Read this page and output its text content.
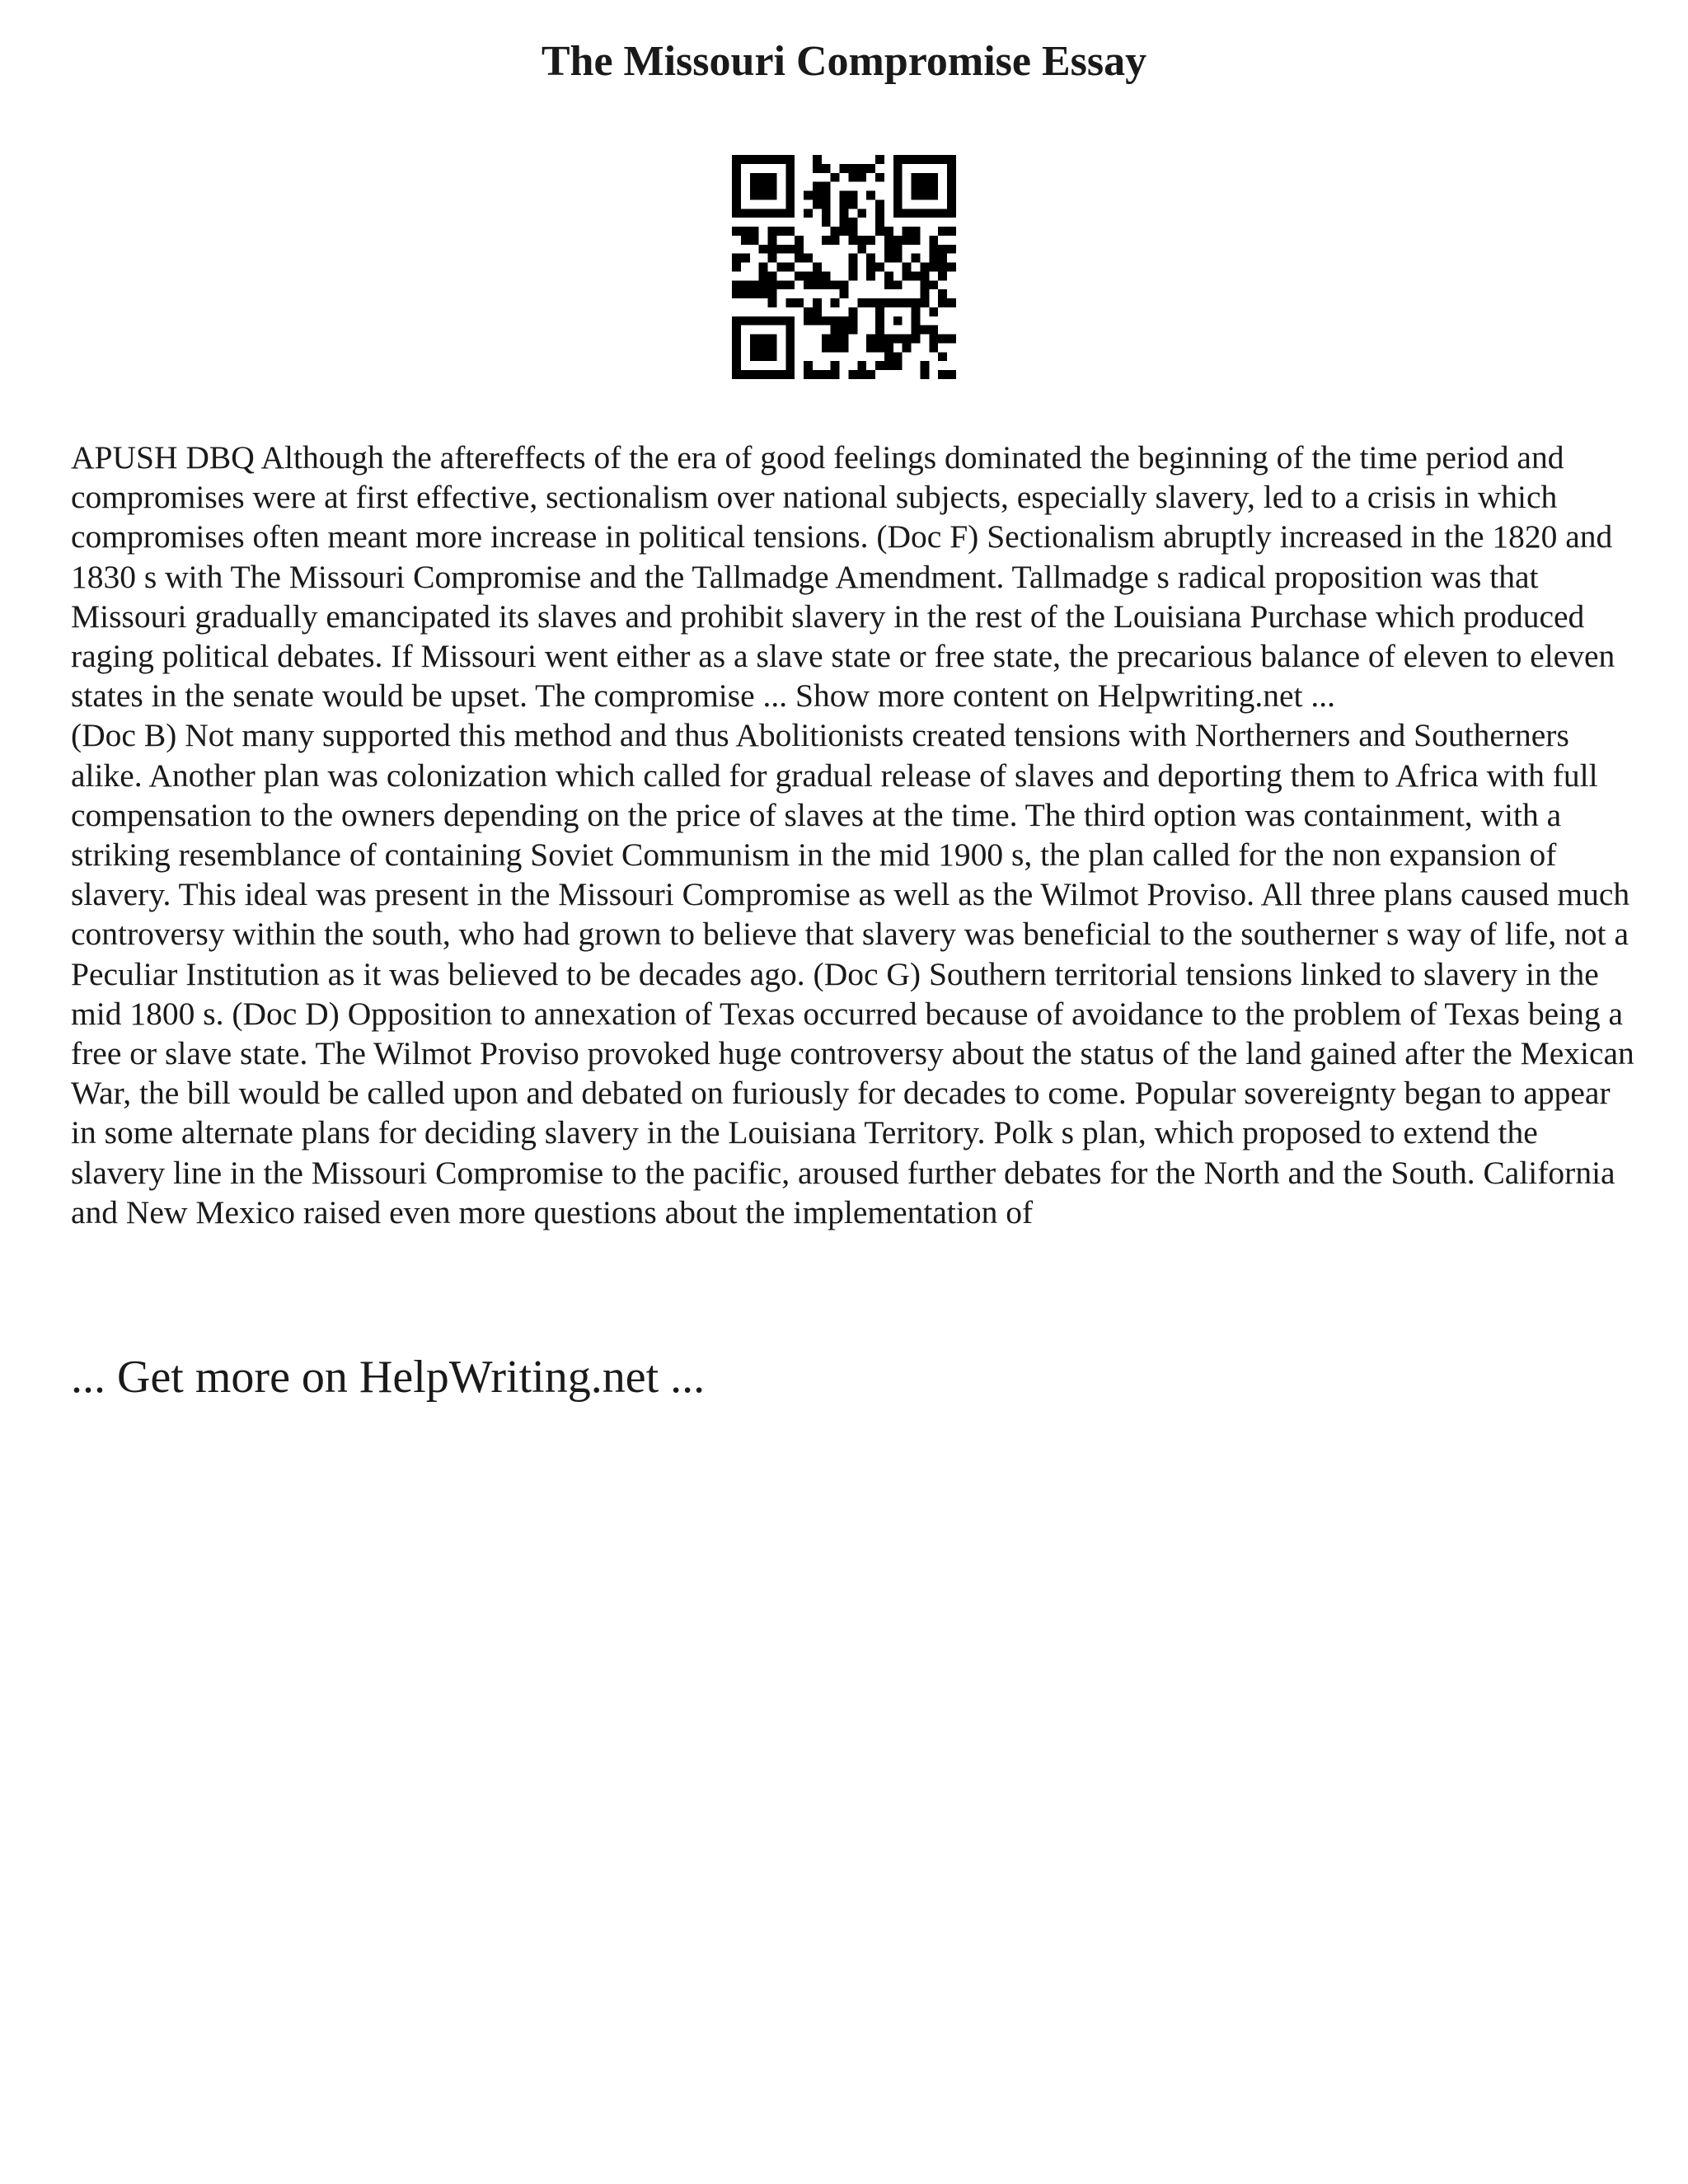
The Missouri Compromise Essay

APUSH DBQ Although the aftereffects of the era of good feelings dominated the beginning of the time period and compromises were at first effective, sectionalism over national subjects, especially slavery, led to a crisis in which compromises often meant more increase in political tensions. (Doc F) Sectionalism abruptly increased in the 1820 and 1830 s with The Missouri Compromise and the Tallmadge Amendment. Tallmadge s radical proposition was that Missouri gradually emancipated its slaves and prohibit slavery in the rest of the Louisiana Purchase which produced raging political debates. If Missouri went either as a slave state or free state, the precarious balance of eleven to eleven states in the senate would be upset. The compromise ... Show more content on Helpwriting.net ...

(Doc B) Not many supported this method and thus Abolitionists created tensions with Northerners and Southerners alike. Another plan was colonization which called for gradual release of slaves and deporting them to Africa with full compensation to the owners depending on the price of slaves at the time. The third option was containment, with a striking resemblance of containing Soviet Communism in the mid 1900 s, the plan called for the non expansion of slavery. This ideal was present in the Missouri Compromise as well as the Wilmot Proviso. All three plans caused much controversy within the south, who had grown to believe that slavery was beneficial to the southerner s way of life, not a Peculiar Institution as it was believed to be decades ago. (Doc G) Southern territorial tensions linked to slavery in the mid 1800 s. (Doc D) Opposition to annexation of Texas occurred because of avoidance to the problem of Texas being a free or slave state. The Wilmot Proviso provoked huge controversy about the status of the land gained after the Mexican War, the bill would be called upon and debated on furiously for decades to come. Popular sovereignty began to appear in some alternate plans for deciding slavery in the Louisiana Territory. Polk s plan, which proposed to extend the slavery line in the Missouri Compromise to the pacific, aroused further debates for the North and the South. California and New Mexico raised even more questions about the implementation of

... Get more on HelpWriting.net ...
